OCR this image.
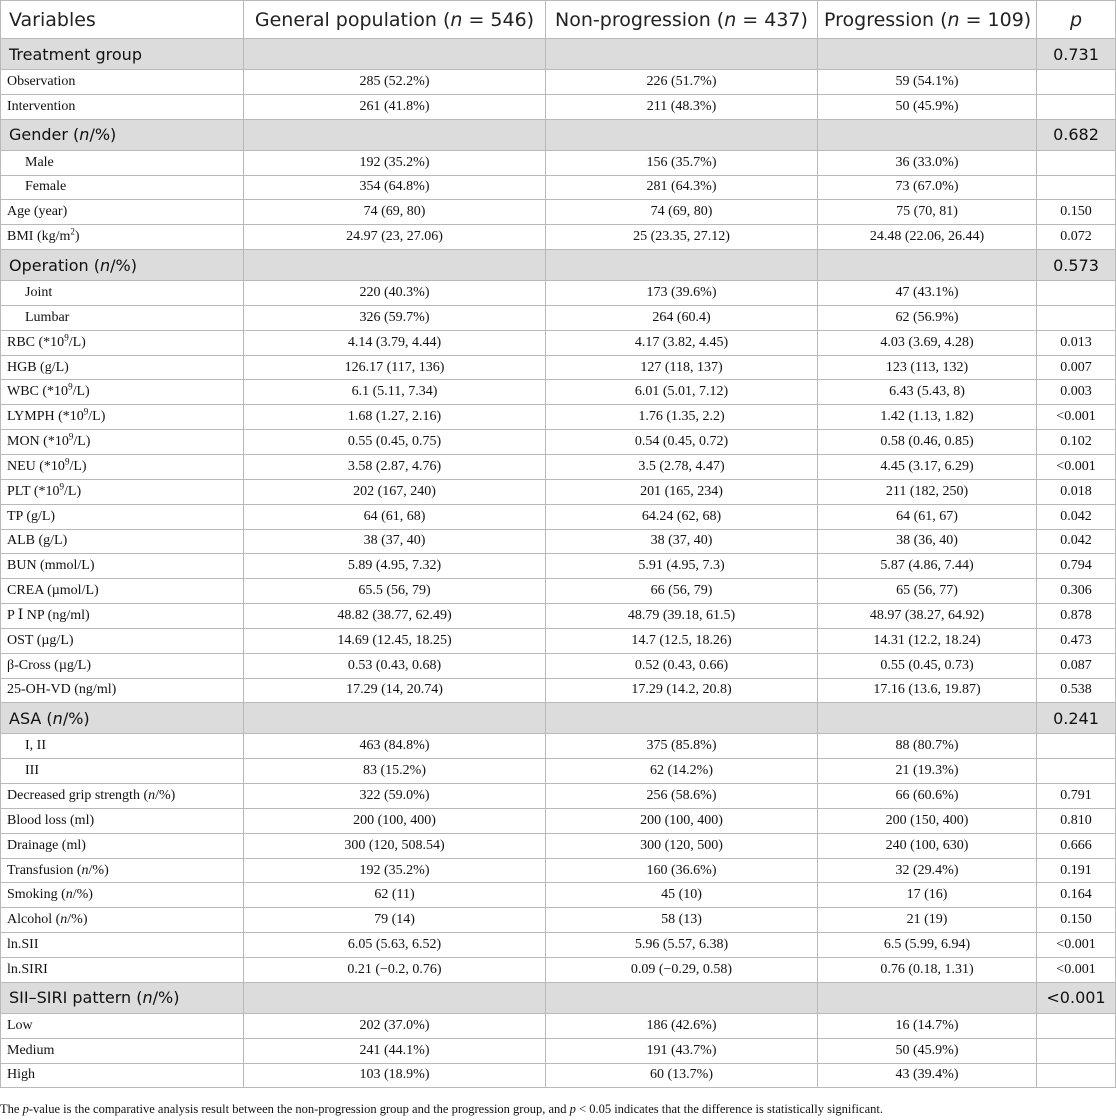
Variables	General population (n = 546)	Non-progression (n = 437)	Progression (n = 109)	p
Treatment group				0.731
Observation	285 (52.2%)	226 (51.7%)	59 (54.1%)	
Intervention	261 (41.8%)	211 (48.3%)	50 (45.9%)	
Gender (n/%)				0.682
Male	192 (35.2%)	156 (35.7%)	36 (33.0%)	
Female	354 (64.8%)	281 (64.3%)	73 (67.0%)	
Age (year)	74 (69, 80)	74 (69, 80)	75 (70, 81)	0.150
BMI $(kg/m^2)$	24.97 (23, 27.06)	25 (23.35, 27.12)	24.48 (22.06, 26.44)	0.072
Operation (n/%)				0.573
Joint	220 (40.3%)	173 (39.6%)	47 (43.1%)	
Lumbar	326 (59.7%)	264 (60.4)	62 (56.9%)	
RBC $(*10^9/L)$	4.14 (3.79, 4.44)	4.17 (3.82, 4.45)	4.03 (3.69, 4.28)	0.013
HGB (g/L)	126.17 (117, 136)	127 (118, 137)	123 (113, 132)	0.007
WBC $(*10^9/L)$	6.1 (5.11, 7.34)	6.01 (5.01, 7.12)	6.43 (5.43, 8)	0.003
LYMPH $(*10^9/L)$	1.68 (1.27, 2.16)	1.76 (1.35, 2.2)	1.42 (1.13, 1.82)	<0.001
MON $(*10^9/L)$	0.55 (0.45, 0.75)	0.54 (0.45, 0.72)	0.58 (0.46, 0.85)	0.102
NEU $(*10^9/L)$	3.58 (2.87, 4.76)	3.5 (2.78, 4.47)	4.45 (3.17, 6.29)	<0.001
PLT $(*10^9/L)$	202 (167, 240)	201 (165, 234)	211 (182, 250)	0.018
TP (g/L)	64 (61, 68)	64.24 (62, 68)	64 (61, 67)	0.042
ALB (g/L)	38 (37, 40)	38 (37, 40)	38 (36, 40)	0.042
BUN (mmol/L)	5.89 (4.95, 7.32)	5.91 (4.95, 7.3)	5.87 (4.86, 7.44)	0.794
CREA (µmol/L)	65.5 (56, 79)	66 (56, 79)	65 (56, 77)	0.306
P Ⅰ NP (ng/ml)	48.82 (38.77, 62.49)	48.79 (39.18, 61.5)	48.97 (38.27, 64.92)	0.878
OST (µg/L)	14.69 (12.45, 18.25)	14.7 (12.5, 18.26)	14.31 (12.2, 18.24)	0.473
β-Cross (µg/L)	0.53 (0.43, 0.68)	0.52 (0.43, 0.66)	0.55 (0.45, 0.73)	0.087
25-OH-VD (ng/ml)	17.29 (14, 20.74)	17.29 (14.2, 20.8)	17.16 (13.6, 19.87)	0.538
ASA (n/%)				0.241
I, II	463 (84.8%)	375 (85.8%)	88 (80.7%)	
III	83 (15.2%)	62 (14.2%)	21 (19.3%)	
Decreased grip strength (n/%)	322 (59.0%)	256 (58.6%)	66 (60.6%)	0.791
Blood loss (ml)	200 (100, 400)	200 (100, 400)	200 (150, 400)	0.810
Drainage (ml)	300 (120, 508.54)	300 (120, 500)	240 (100, 630)	0.666
Transfusion (n/%)	192 (35.2%)	160 (36.6%)	32 (29.4%)	0.191
Smoking (n/%)	62 (11)	45 (10)	17 (16)	0.164
Alcohol (n/%)	79 (14)	58 (13)	21 (19)	0.150
ln.SII	6.05 (5.63, 6.52)	5.96 (5.57, 6.38)	6.5 (5.99, 6.94)	<0.001
ln.SIRI	0.21 (−0.2, 0.76)	0.09 (−0.29, 0.58)	0.76 (0.18, 1.31)	<0.001
SII–SIRI pattern (n/%)				<0.001
Low	202 (37.0%)	186 (42.6%)	16 (14.7%)	
Medium	241 (44.1%)	191 (43.7%)	50 (45.9%)	
High	103 (18.9%)	60 (13.7%)	43 (39.4%)	
The p-value is the comparative analysis result between the non-progression group and the progression group, and p < 0.05 indicates that the difference is statistically significant.
